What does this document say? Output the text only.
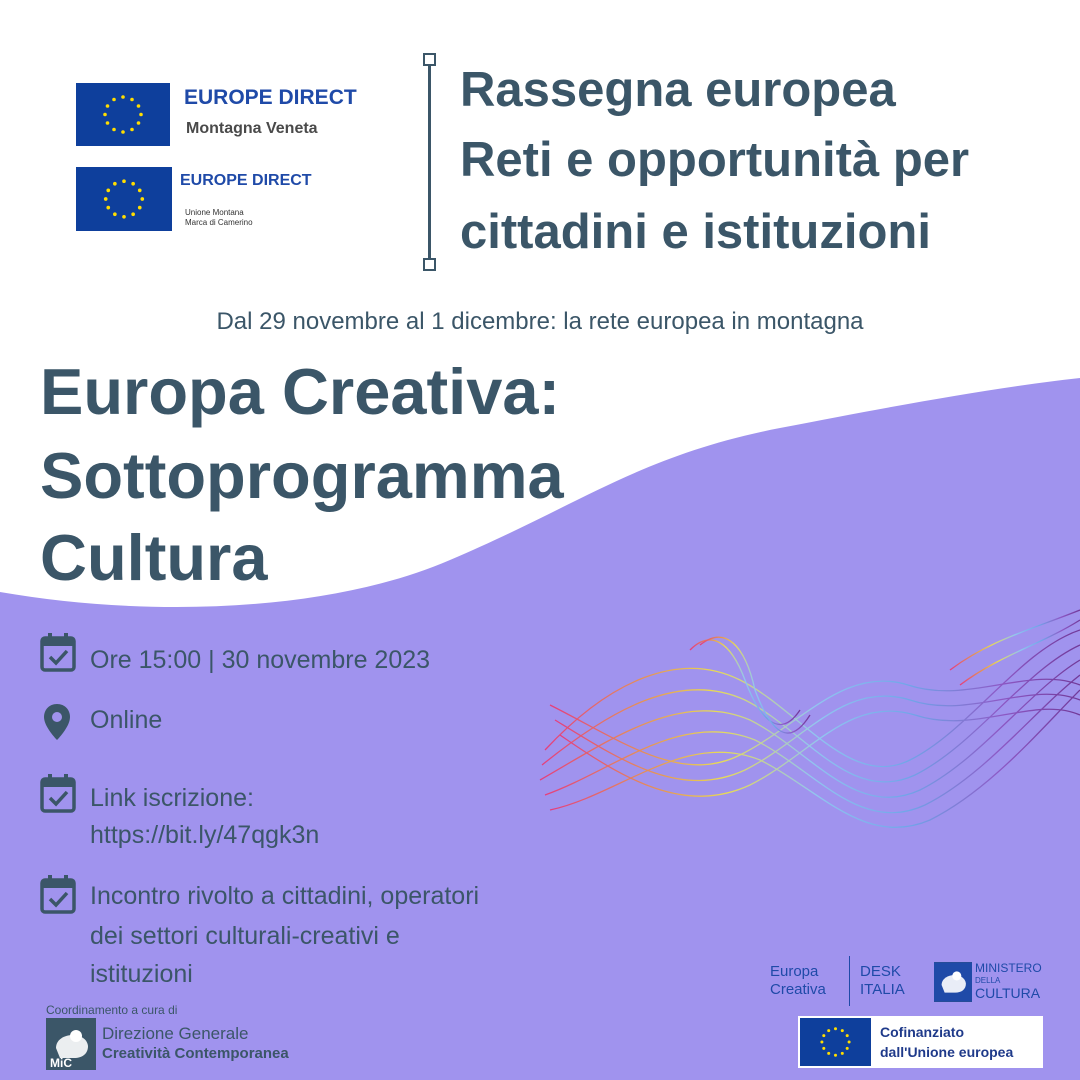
EUROPE DIRECT
Montagna Veneta
EUROPE DIRECT
Unione Montana
Marca di Camerino
Rassegna europea
Reti e opportunità per
cittadini e istituzioni
Dal 29 novembre al 1 dicembre: la rete europea in montagna
Europa Creativa:
Sottoprogramma
Cultura
Ore 15:00 | 30 novembre 2023
Online
Link iscrizione:
https://bit.ly/47qgk3n
Incontro rivolto a cittadini, operatori
dei settori culturali-creativi e
istituzioni
Coordinamento a cura di
MiC
Direzione Generale
Creatività Contemporanea
Europa
Creativa
DESK
ITALIA
MINISTERO
DELLA
CULTURA
Cofinanziato
dall'Unione europea
